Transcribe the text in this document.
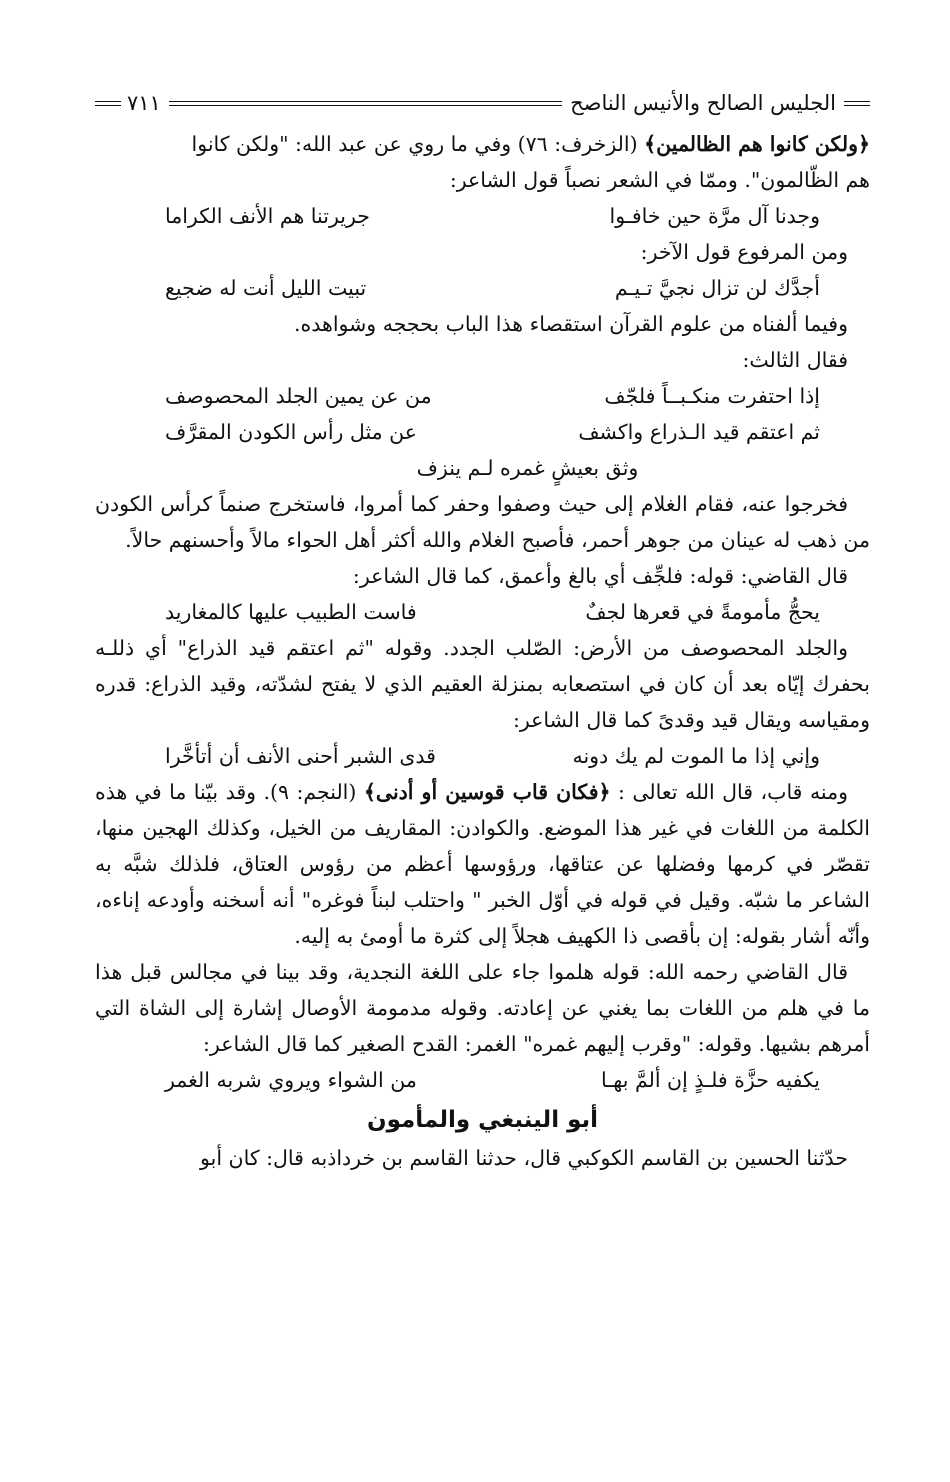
الجليس الصالح والأنيس الناصح
٧١١

﴿ولكن كانوا هم الظالمين﴾ (الزخرف: ٧٦) وفي ما روي عن عبد الله: "ولكن كانوا

هم الظّالمون". وممّا في الشعر نصباً قول الشاعر:

وجدنا آل مرَّة حين خافـوا
جريرتنا هم الأنف الكراما

ومن المرفوع قول الآخر:

أجدَّك لن تزال نجيَّ تـيـم
تبيت الليل أنت له ضجيع

وفيما ألفناه من علوم القرآن استقصاء هذا الباب بحججه وشواهده.

فقال الثالث:

إذا احتفرت منكـبــاً فلجّف
من عن يمين الجلد المحصوصف
ثم اعتقم قيد الـذراع واكشف
عن مثل رأس الكودن المقرَّف
وثق بعيشٍ غمره لـم ينزف

فخرجوا عنه، فقام الغلام إلى حيث وصفوا وحفر كما أمروا، فاستخرج صنماً كرأس الكودن من ذهب له عينان من جوهر أحمر، فأصبح الغلام والله أكثر أهل الحواء مالاً وأحسنهم حالاً.

قال القاضي: قوله: فلجِّف أي بالغ وأعمق، كما قال الشاعر:

يحجُّ مأمومةً في قعرها لجفٌ
فاست الطبيب عليها كالمغاريد

والجلد المحصوصف من الأرض: الصّلب الجدد. وقوله "ثم اعتقم قيد الذراع" أي ذللـه بحفرك إيّاه بعد أن كان في استصعابه بمنزلة العقيم الذي لا يفتح لشدّته، وقيد الذراع: قدره ومقياسه ويقال قيد وقدىً كما قال الشاعر:

وإني إذا ما الموت لم يك دونه
قدى الشبر أحنى الأنف أن أتأخَّرا

ومنه قاب، قال الله تعالى : ﴿فكان قاب قوسين أو أدنى﴾ (النجم: ٩). وقد بيّنا ما في هذه الكلمة من اللغات في غير هذا الموضع. والكوادن: المقاريف من الخيل، وكذلك الهجين منها، تقصّر في كرمها وفضلها عن عتاقها، ورؤوسها أعظم من رؤوس العتاق، فلذلك شبَّه به الشاعر ما شبّه. وقيل في قوله في أوّل الخبر " واحتلب لبناً فوغره" أنه أسخنه وأودعه إناءه، وأنّه أشار بقوله: إن بأقصى ذا الكهيف هجلاً إلى كثرة ما أومئ به إليه.

قال القاضي رحمه الله: قوله هلموا جاء على اللغة النجدية، وقد بينا في مجالس قبل هذا ما في هلم من اللغات بما يغني عن إعادته. وقوله مدمومة الأوصال إشارة إلى الشاة التي أمرهم بشيها. وقوله: "وقرب إليهم غمره" الغمر: القدح الصغير كما قال الشاعر:

يكفيه حزَّة فلـذٍ إن ألمَّ بهـا
من الشواء ويروي شربه الغمر
أبو الينبغي والمأمون

حدّثنا الحسين بن القاسم الكوكبي قال، حدثنا القاسم بن خرداذبه قال: كان أبو
